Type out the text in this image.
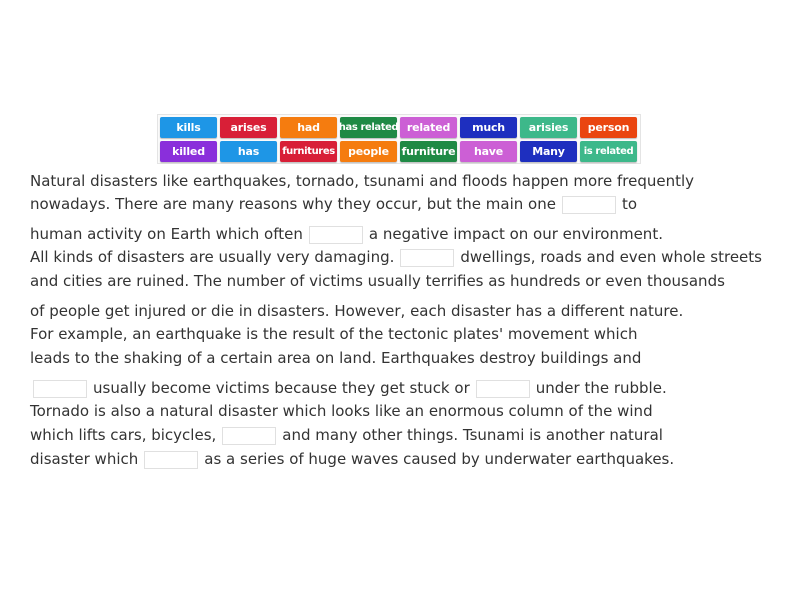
kills	arises	had	has related related	much	arisies	person
killed	has	furnitures	people	furniture	have	Many	is related
Natural disasters like earthquakes, tornado, tsunami and floods happen more frequently
nowadays. There are many reasons why they occur, but the main one	to
human activity on Earth which often	a negative impact on our environment.
All kinds of disasters are usually very damaging.	dwellings, roads and even whole streets
and cities are ruined. The number of victims usually terrifies as hundreds or even thousands
of people get injured or die in disasters. However, each disaster has a different nature.
For example, an earthquake is the result of the tectonic plates' movement which
leads to the shaking of a certain area on land. Earthquakes destroy buildings and
usually become victims because they get stuck or	under the rubble.
Tornado is also a natural disaster which looks like an enormous column of the wind
which lifts cars, bicycles,	and many other things. Tsunami is another natural
disaster which	as a series of huge waves caused by underwater earthquakes.
